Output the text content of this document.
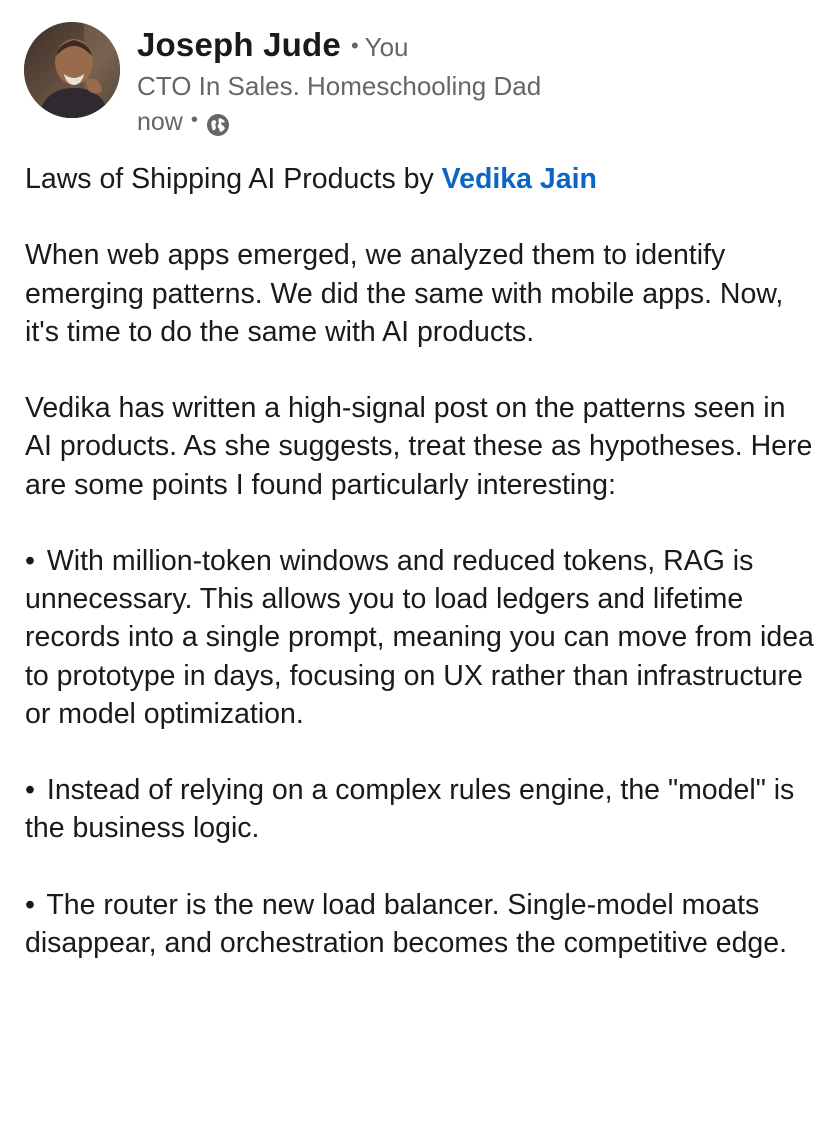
Joseph Jude • You
CTO In Sales. Homeschooling Dad
now •

Laws of Shipping AI Products by Vedika Jain

When web apps emerged, we analyzed them to identify emerging patterns. We did the same with mobile apps. Now, it's time to do the same with AI products.

Vedika has written a high-signal post on the patterns seen in AI products. As she suggests, treat these as hypotheses. Here are some points I found particularly interesting:

• With million-token windows and reduced tokens, RAG is unnecessary. This allows you to load ledgers and lifetime records into a single prompt, meaning you can move from idea to prototype in days, focusing on UX rather than infrastructure or model optimization.

• Instead of relying on a complex rules engine, the "model" is the business logic.

• The router is the new load balancer. Single-model moats disappear, and orchestration becomes the competitive edge.
